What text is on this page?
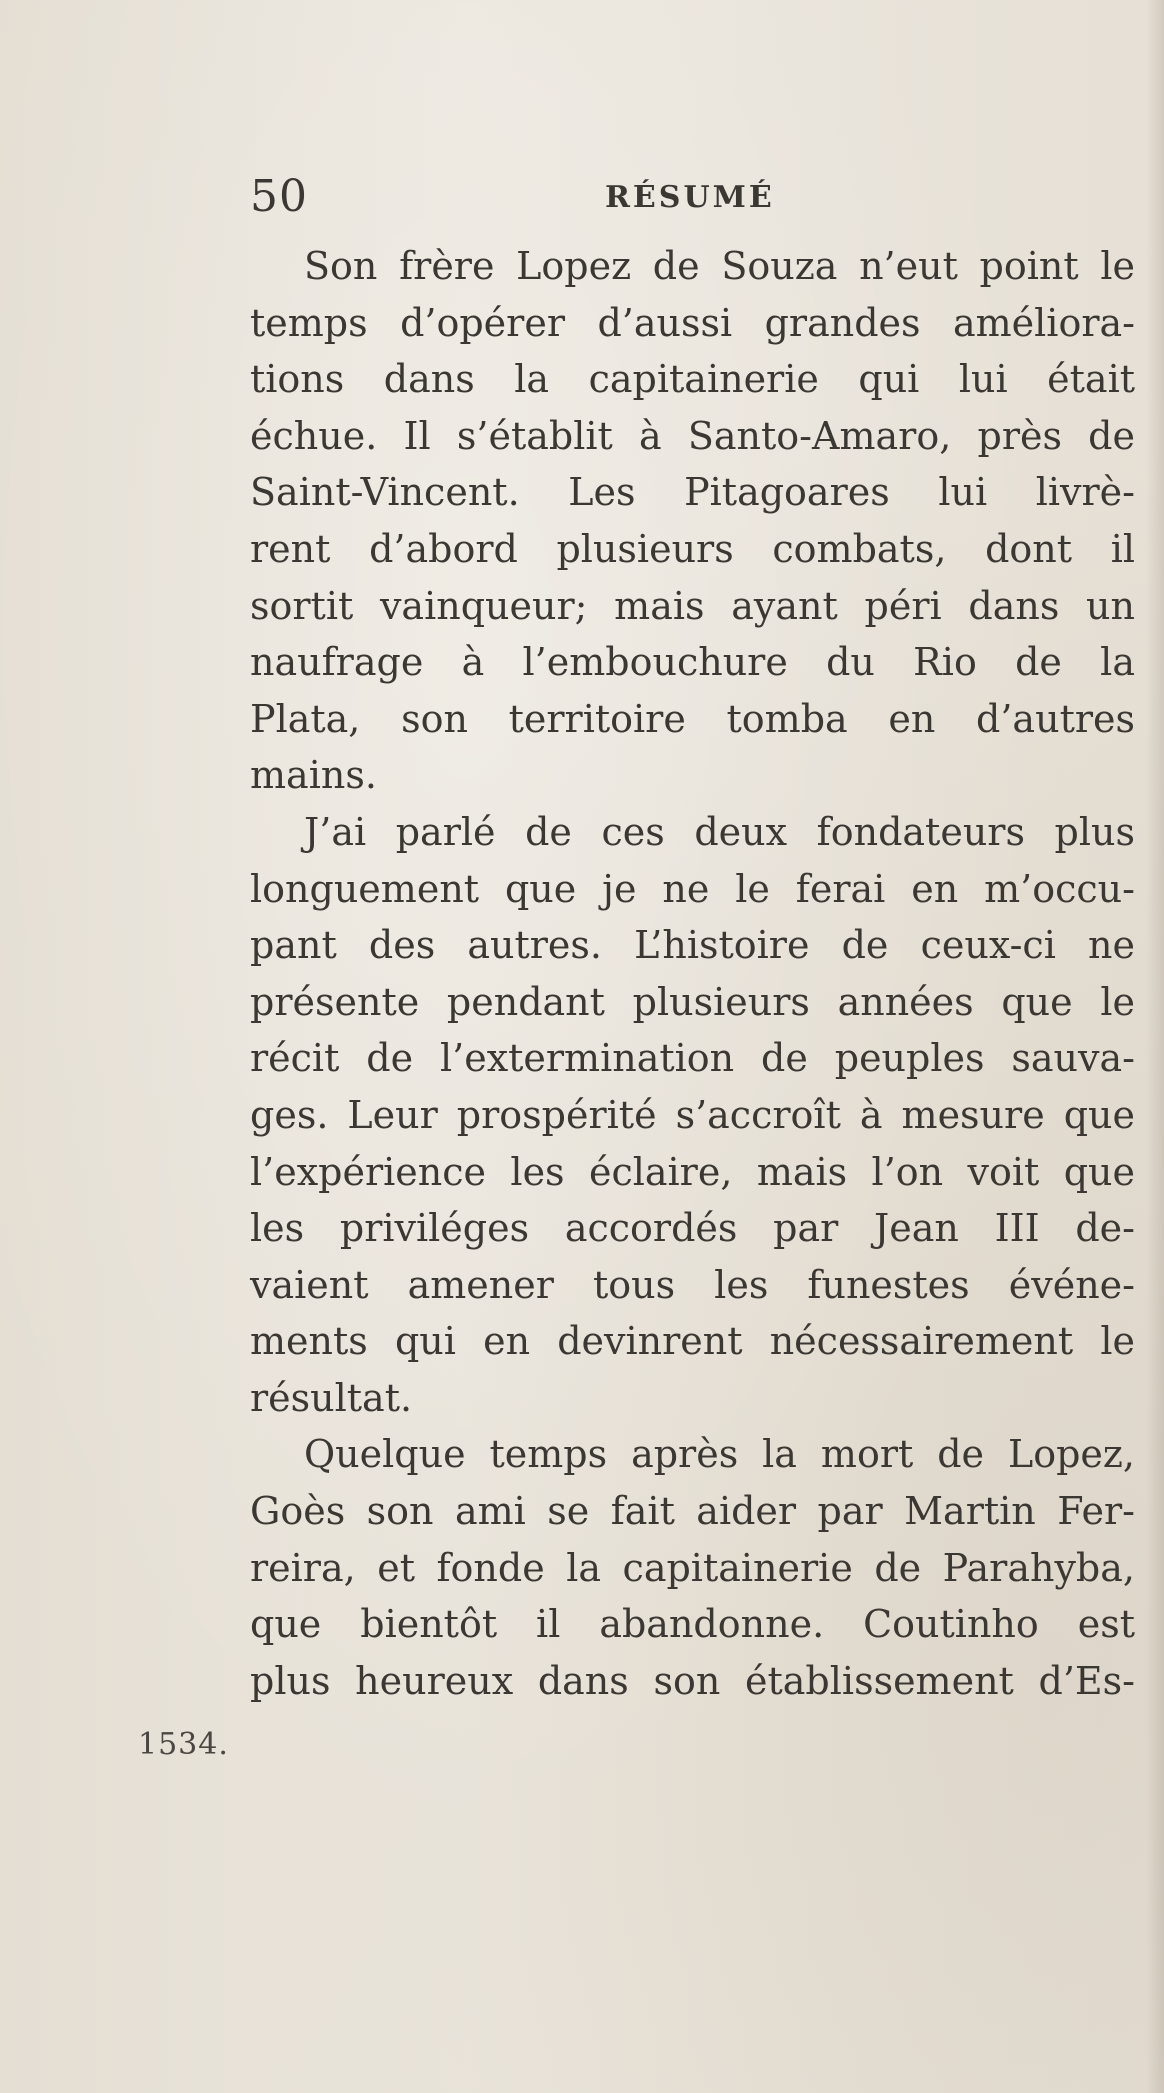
50	RÉSUMÉ
Son frère Lopez de Souza n’eut point le
temps d’opérer d’aussi grandes améliora-
tions dans la capitainerie qui lui était
échue. Il s’établit à Santo-Amaro, près de
Saint-Vincent. Les Pitagoares lui livrè-
rent d’abord plusieurs combats, dont il
sortit vainqueur; mais ayant péri dans un
naufrage à l’embouchure du Rio de la
Plata, son territoire tomba en d’autres
mains.
J’ai parlé de ces deux fondateurs plus
longuement que je ne le ferai en m’occu-
pant des autres. L’histoire de ceux-ci ne
présente pendant plusieurs années que le
récit de l’extermination de peuples sauva-
ges. Leur prospérité s’accroît à mesure que
l’expérience les éclaire, mais l’on voit que
les priviléges accordés par Jean III de-
vaient amener tous les funestes événe-
ments qui en devinrent nécessairement le
résultat.
Quelque temps après la mort de Lopez,
Goès son ami se fait aider par Martin Fer-
reira, et fonde la capitainerie de Parahyba,
que bientôt il abandonne. Coutinho est
plus heureux dans son établissement d’Es-
1534.
